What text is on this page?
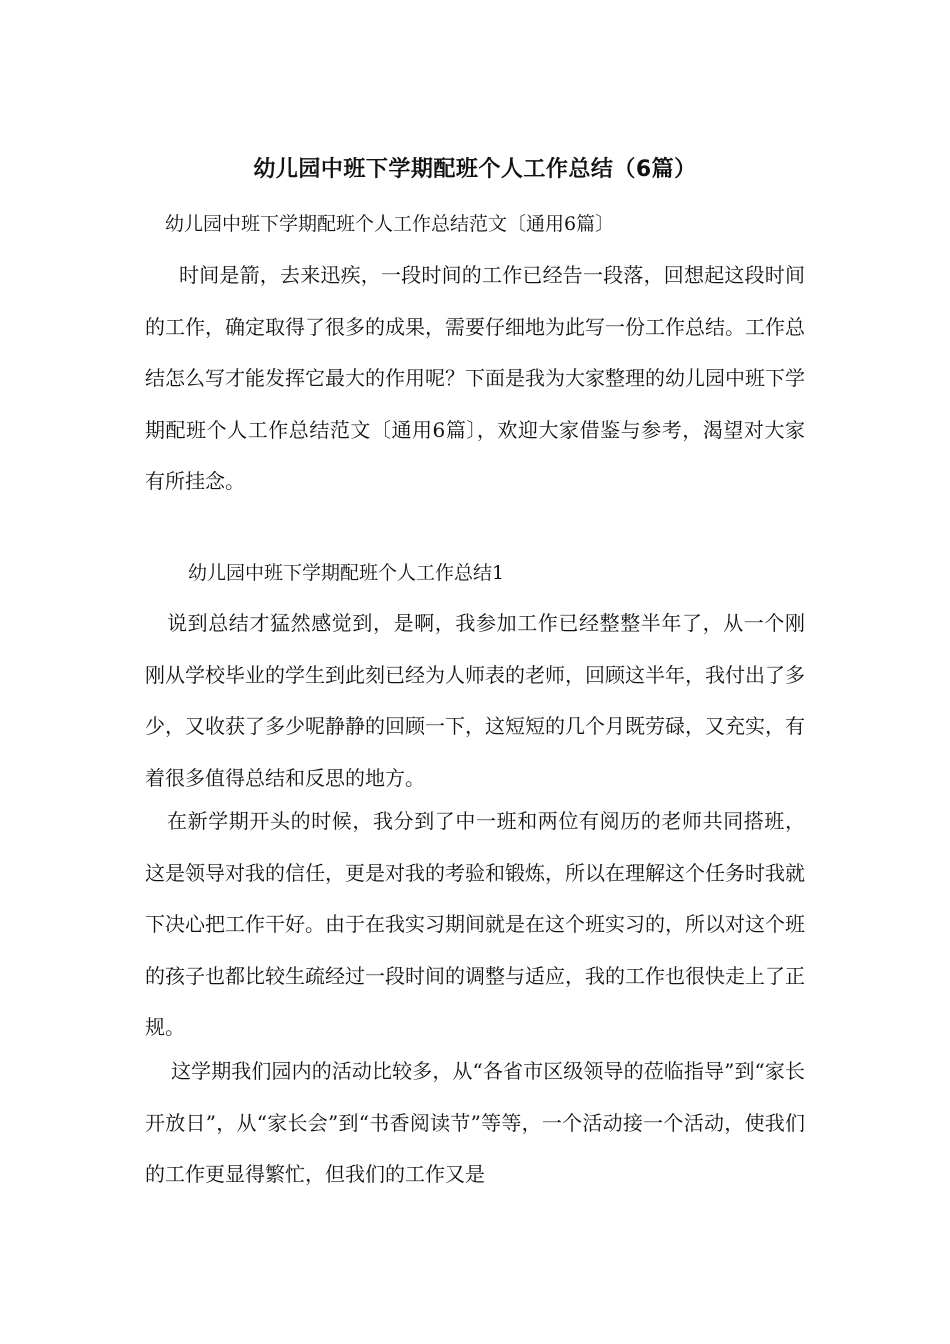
幼儿园中班下学期配班个人工作总结（6篇）
幼儿园中班下学期配班个人工作总结范文〔通用6篇〕
时间是箭，去来迅疾，一段时间的工作已经告一段落，回想起这段时间的工作，确定取得了很多的成果，需要仔细地为此写一份工作总结。工作总结怎么写才能发挥它最大的作用呢？下面是我为大家整理的幼儿园中班下学期配班个人工作总结范文〔通用6篇〕，欢迎大家借鉴与参考，渴望对大家有所挂念。
幼儿园中班下学期配班个人工作总结1
说到总结才猛然感觉到，是啊，我参加工作已经整整半年了，从一个刚刚从学校毕业的学生到此刻已经为人师表的老师，回顾这半年，我付出了多少，又收获了多少呢静静的回顾一下，这短短的几个月既劳碌，又充实，有着很多值得总结和反思的地方。
在新学期开头的时候，我分到了中一班和两位有阅历的老师共同搭班，这是领导对我的信任，更是对我的考验和锻炼，所以在理解这个任务时我就下决心把工作干好。由于在我实习期间就是在这个班实习的，所以对这个班的孩子也都比较生疏经过一段时间的调整与适应，我的工作也很快走上了正规。
这学期我们园内的活动比较多，从“各省市区级领导的莅临指导”到“家长开放日”，从“家长会”到“书香阅读节”等等，一个活动接一个活动，使我们的工作更显得繁忙，但我们的工作又是
